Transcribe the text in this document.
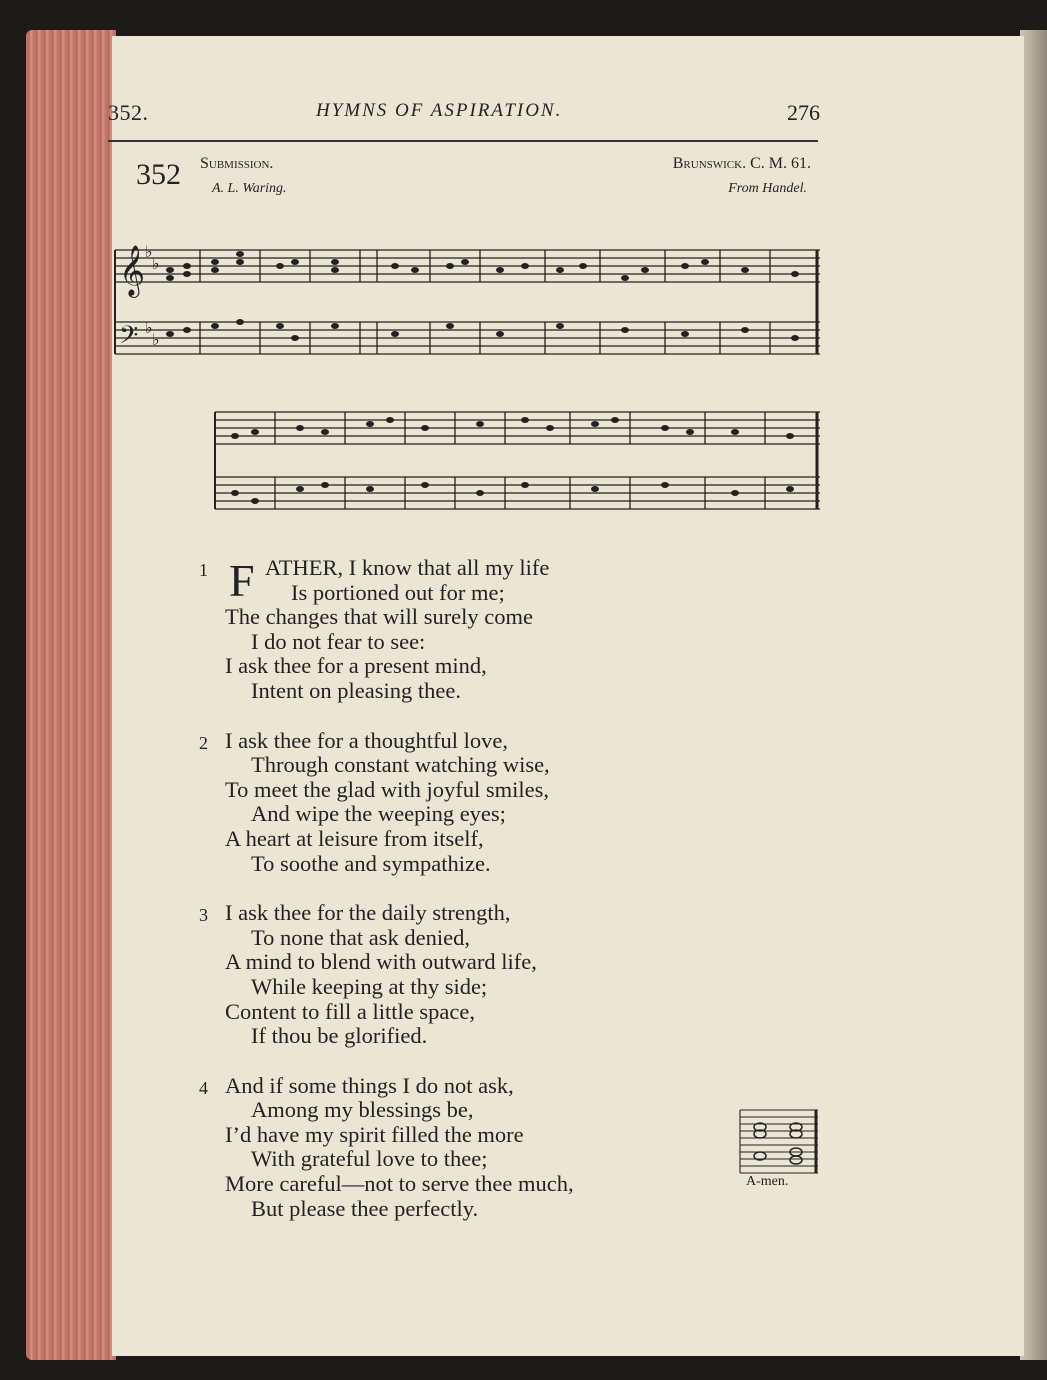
352.	HYMNS OF ASPIRATION.	276
352 Submission.
A. L. Waring.
Brunswick. C. M. 61.
From Handel.
𝄞
𝄢
♭
♭
♭
♭
1 F ATHER, I know that all my life
Is portioned out for me;
The changes that will surely come
I do not fear to see:
I ask thee for a present mind,
Intent on pleasing thee.
2 I ask thee for a thoughtful love,
Through constant watching wise,
To meet the glad with joyful smiles,
And wipe the weeping eyes;
A heart at leisure from itself,
To soothe and sympathize.
3 I ask thee for the daily strength,
To none that ask denied,
A mind to blend with outward life,
While keeping at thy side;
Content to fill a little space,
If thou be glorified.
4 And if some things I do not ask,
Among my blessings be,
I’d have my spirit filled the more
With grateful love to thee;
More careful—not to serve thee much,
But please thee perfectly.
A-men.
